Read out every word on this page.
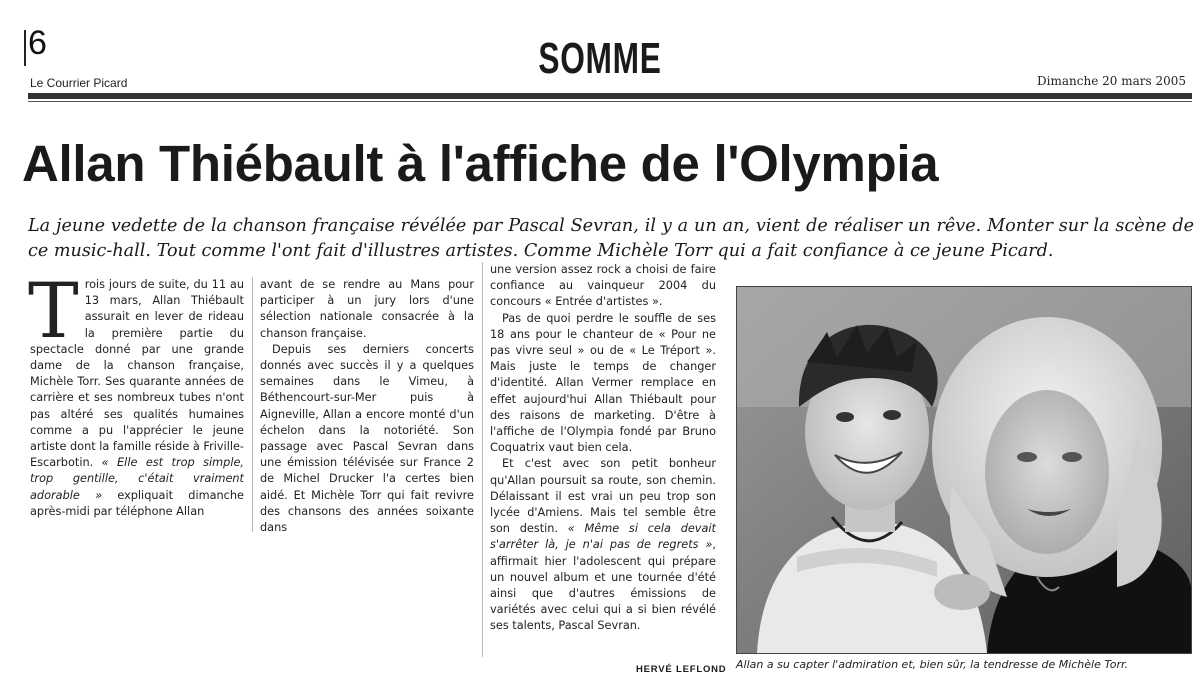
6
Le Courrier Picard	SOMME	Dimanche 20 mars 2005
Allan Thiébault à l'affiche de l'Olympia
La jeune vedette de la chanson française révélée par Pascal Sevran, il y a un an, vient de réaliser un rêve. Monter sur la scène de ce music-hall. Tout comme l'ont fait d'illustres artistes. Comme Michèle Torr qui a fait confiance à ce jeune Picard.

Trois jours de suite, du 11 au 13 mars, Allan Thiébault assurait en lever de rideau la première partie du spectacle donné par une grande dame de la chanson française, Michèle Torr. Ses quarante années de carrière et ses nombreux tubes n'ont pas altéré ses qualités humaines comme a pu l'apprécier le jeune artiste dont la famille réside à Friville-Escarbotin. « Elle est trop simple, trop gentille, c'était vraiment adorable » expliquait dimanche après-midi par téléphone Allan

avant de se rendre au Mans pour participer à un jury lors d'une sélection nationale consacrée à la chanson française.

Depuis ses derniers concerts donnés avec succès il y a quelques semaines dans le Vimeu, à Béthencourt-sur-Mer puis à Aigneville, Allan a encore monté d'un échelon dans la notoriété. Son passage avec Pascal Sevran dans une émission télévisée sur France 2 de Michel Drucker l'a certes bien aidé. Et Michèle Torr qui fait revivre des chansons des années soixante dans

une version assez rock a choisi de faire confiance au vainqueur 2004 du concours « Entrée d'artistes ».

Pas de quoi perdre le souffle de ses 18 ans pour le chanteur de « Pour ne pas vivre seul » ou de « Le Tréport ». Mais juste le temps de changer d'identité. Allan Vermer remplace en effet aujourd'hui Allan Thiébault pour des raisons de marketing. D'être à l'affiche de l'Olympia fondé par Bruno Coquatrix vaut bien cela.

Et c'est avec son petit bonheur qu'Allan poursuit sa route, son chemin. Délaissant il est vrai un peu trop son lycée d'Amiens. Mais tel semble être son destin. « Même si cela devait s'arrêter là, je n'ai pas de regrets », affirmait hier l'adolescent qui prépare un nouvel album et une tournée d'été ainsi que d'autres émissions de variétés avec celui qui a si bien révélé ses talents, Pascal Sevran.

HERVÉ LEFLOND Allan a su capter l'admiration et, bien sûr, la tendresse de Michèle Torr.
